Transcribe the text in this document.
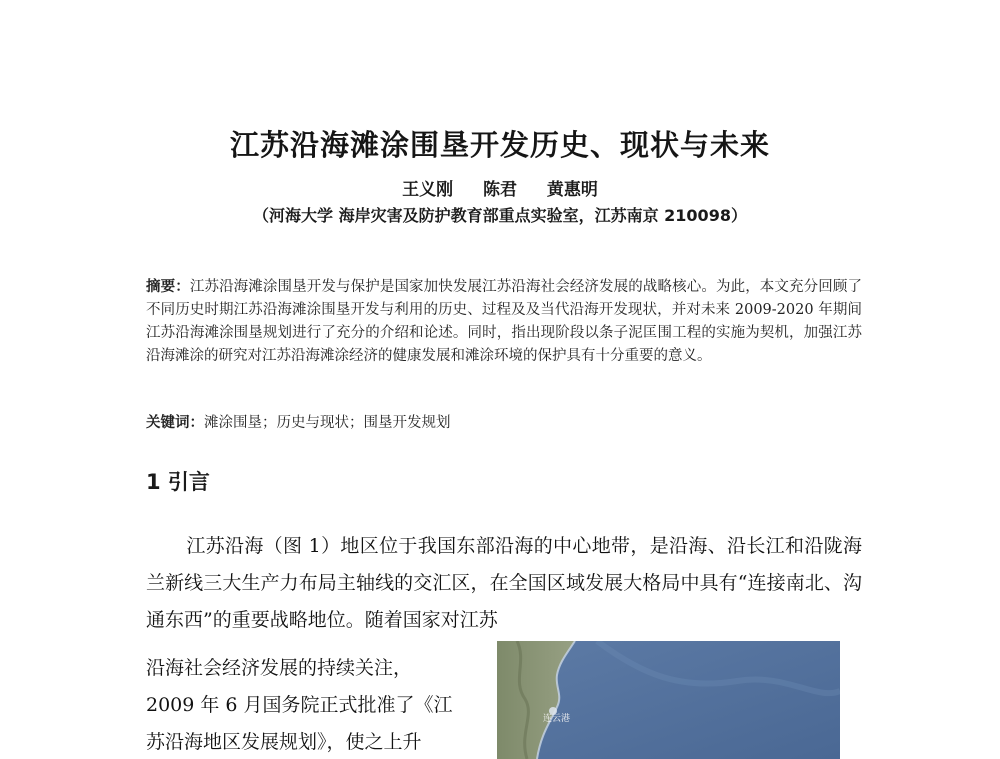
江苏沿海滩涂围垦开发历史、现状与未来
王义刚 陈君 黄惠明
（河海大学 海岸灾害及防护教育部重点实验室，江苏南京 210098）
摘要：江苏沿海滩涂围垦开发与保护是国家加快发展江苏沿海社会经济发展的战略核心。为此，本文充分回顾了不同历史时期江苏沿海滩涂围垦开发与利用的历史、过程及及当代沿海开发现状，并对未来 2009-2020 年期间江苏沿海滩涂围垦规划进行了充分的介绍和论述。同时，指出现阶段以条子泥匡围工程的实施为契机，加强江苏沿海滩涂的研究对江苏沿海滩涂经济的健康发展和滩涂环境的保护具有十分重要的意义。
关键词：滩涂围垦；历史与现状；围垦开发规划
1 引言
江苏沿海（图 1）地区位于我国东部沿海的中心地带，是沿海、沿长江和沿陇海兰新线三大生产力布局主轴线的交汇区，在全国区域发展大格局中具有“连接南北、沟通东西”的重要战略地位。随着国家对江苏
沿海社会经济发展的持续关注，
2009 年 6 月国务院正式批准了《江
苏沿海地区发展规划》，使之上升
连云港
